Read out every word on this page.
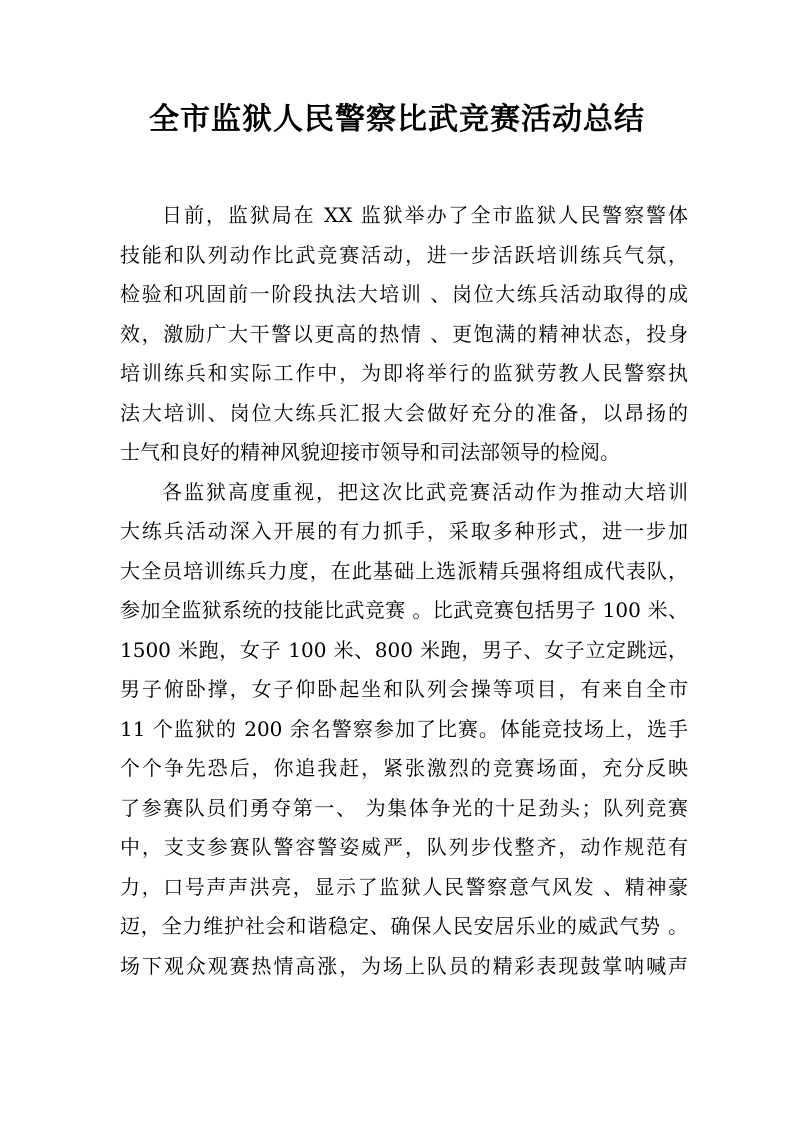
全市监狱人民警察比武竞赛活动总结
日前，监狱局在 XX 监狱举办了全市监狱人民警察警体
技能和队列动作比武竞赛活动，进一步活跃培训练兵气氛，
检验和巩固前一阶段执法大培训 、岗位大练兵活动取得的成
效，激励广大干警以更高的热情 、更饱满的精神状态，投身
培训练兵和实际工作中，为即将举行的监狱劳教人民警察执
法大培训、岗位大练兵汇报大会做好充分的准备，以昂扬的
士气和良好的精神风貌迎接市领导和司法部领导的检阅。
各监狱高度重视，把这次比武竞赛活动作为推动大培训
大练兵活动深入开展的有力抓手，采取多种形式，进一步加
大全员培训练兵力度，在此基础上选派精兵强将组成代表队，
参加全监狱系统的技能比武竞赛 。比武竞赛包括男子 100 米、
1500 米跑，女子 100 米、800 米跑，男子、女子立定跳远，
男子俯卧撑，女子仰卧起坐和队列会操等项目，有来自全市
11 个监狱的 200 余名警察参加了比赛。体能竞技场上，选手
个个争先恐后，你追我赶，紧张激烈的竞赛场面，充分反映
了参赛队员们勇夺第一、 为集体争光的十足劲头；队列竞赛
中，支支参赛队警容警姿威严，队列步伐整齐，动作规范有
力，口号声声洪亮，显示了监狱人民警察意气风发 、精神豪
迈，全力维护社会和谐稳定、确保人民安居乐业的威武气势 。
场下观众观赛热情高涨，为场上队员的精彩表现鼓掌呐喊声
